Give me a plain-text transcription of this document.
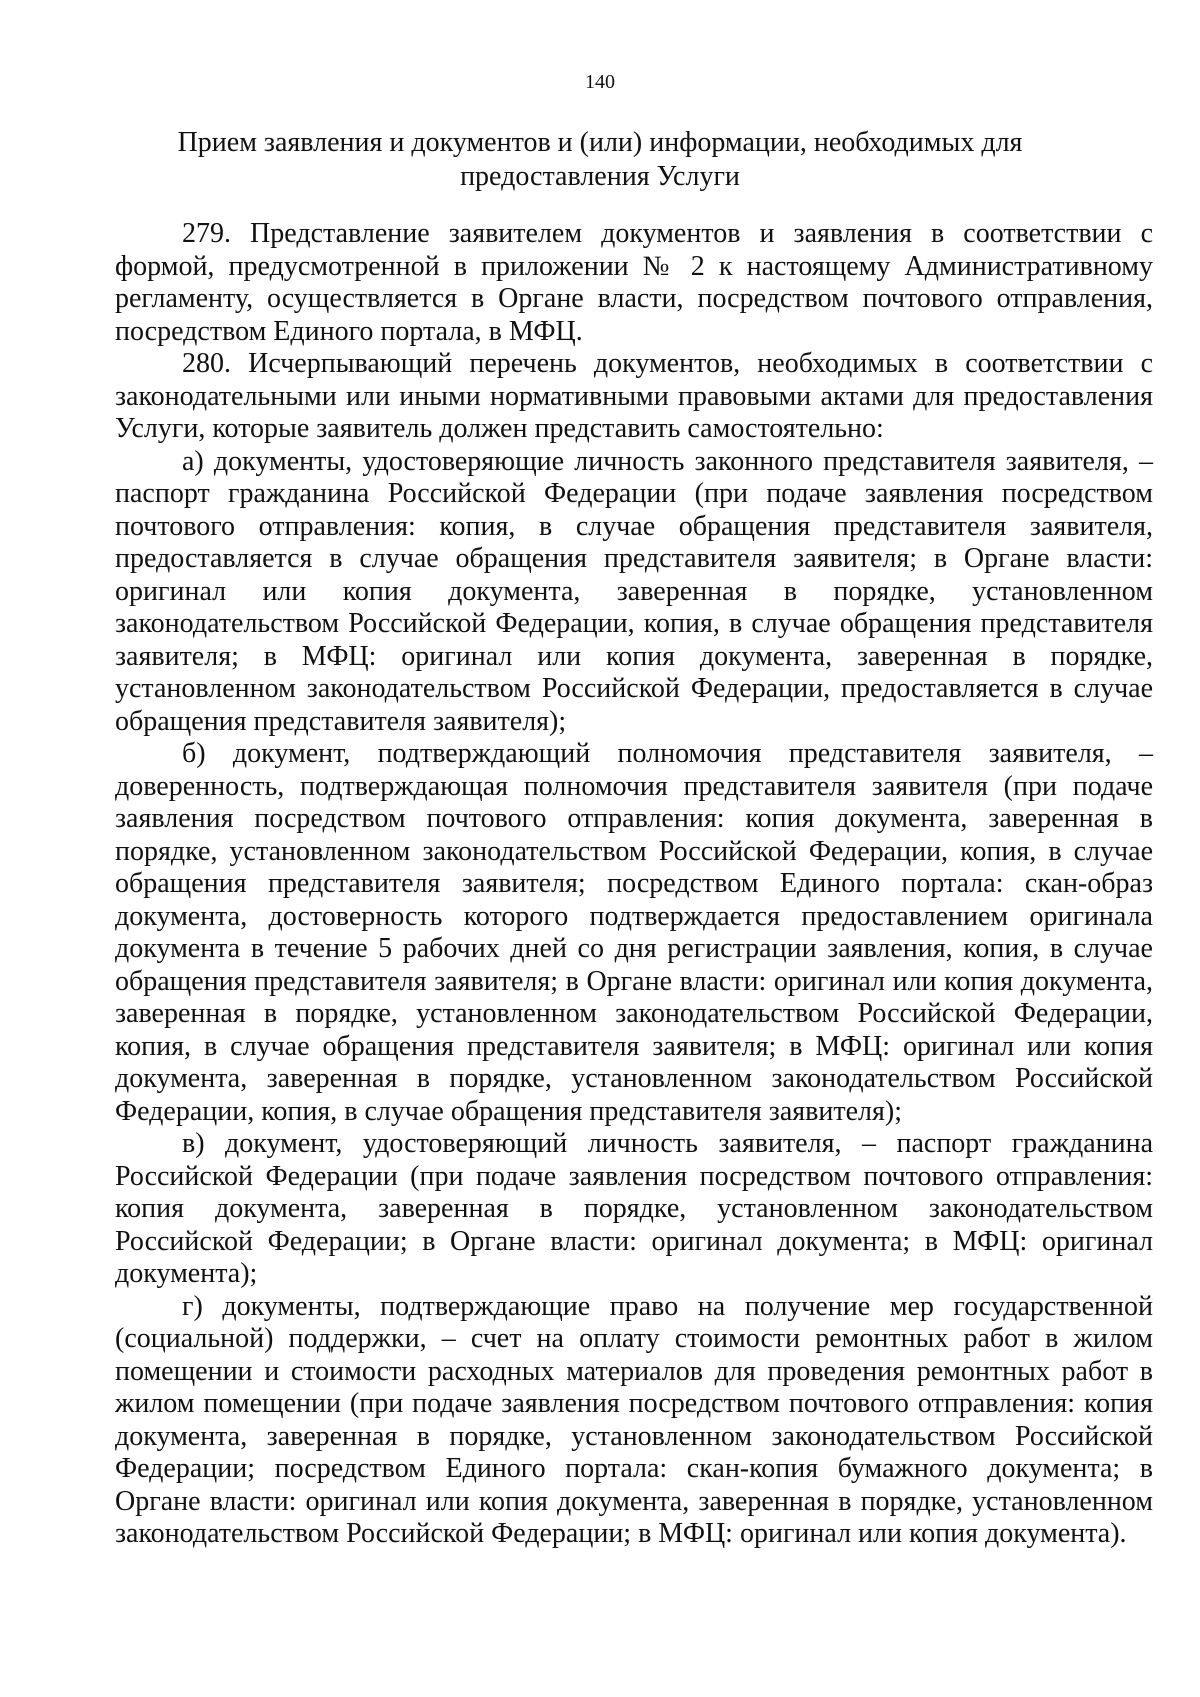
140
Прием заявления и документов и (или) информации, необходимых для
предоставления Услуги

279. Представление заявителем документов и заявления в соответствии с формой, предусмотренной в приложении № 2 к настоящему Административному регламенту, осуществляется в Органе власти, посредством почтового отправления, посредством Единого портала, в МФЦ.

280. Исчерпывающий перечень документов, необходимых в соответствии с законодательными или иными нормативными правовыми актами для предоставления Услуги, которые заявитель должен представить самостоятельно:

а) документы, удостоверяющие личность законного представителя заявителя, – паспорт гражданина Российской Федерации (при подаче заявления посредством почтового отправления: копия, в случае обращения представителя заявителя, предоставляется в случае обращения представителя заявителя; в Органе власти: оригинал или копия документа, заверенная в порядке, установленном законодательством Российской Федерации, копия, в случае обращения представителя заявителя; в МФЦ: оригинал или копия документа, заверенная в порядке, установленном законодательством Российской Федерации, предоставляется в случае обращения представителя заявителя);

б) документ, подтверждающий полномочия представителя заявителя, – доверенность, подтверждающая полномочия представителя заявителя (при подаче заявления посредством почтового отправления: копия документа, заверенная в порядке, установленном законодательством Российской Федерации, копия, в случае обращения представителя заявителя; посредством Единого портала: скан-образ документа, достоверность которого подтверждается предоставлением оригинала документа в течение 5 рабочих дней со дня регистрации заявления, копия, в случае обращения представителя заявителя; в Органе власти: оригинал или копия документа, заверенная в порядке, установленном законодательством Российской Федерации, копия, в случае обращения представителя заявителя; в МФЦ: оригинал или копия документа, заверенная в порядке, установленном законодательством Российской Федерации, копия, в случае обращения представителя заявителя);

в) документ, удостоверяющий личность заявителя, – паспорт гражданина Российской Федерации (при подаче заявления посредством почтового отправления: копия документа, заверенная в порядке, установленном законодательством Российской Федерации; в Органе власти: оригинал документа; в МФЦ: оригинал документа);

г) документы, подтверждающие право на получение мер государственной (социальной) поддержки, – счет на оплату стоимости ремонтных работ в жилом помещении и стоимости расходных материалов для проведения ремонтных работ в жилом помещении (при подаче заявления посредством почтового отправления: копия документа, заверенная в порядке, установленном законодательством Российской Федерации; посредством Единого портала: скан-копия бумажного документа; в Органе власти: оригинал или копия документа, заверенная в порядке, установленном законодательством Российской Федерации; в МФЦ: оригинал или копия документа).
